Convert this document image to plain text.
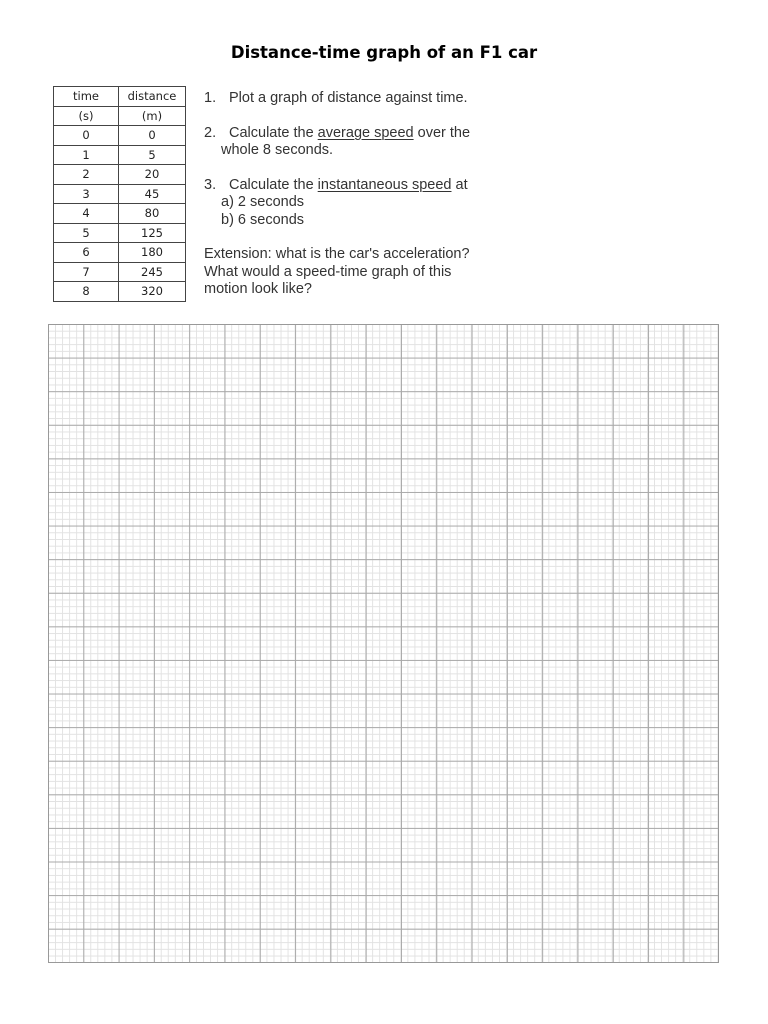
Distance-time graph of an F1 car
time	distance
(s)	(m)
0	0
1	5
2	20
3	45
4	80
5	125
6	180
7	245
8	320
1. Plot a graph of distance against time.
2. Calculate the average speed over the

whole 8 seconds.

3. Calculate the instantaneous speed at

a) 2 seconds

b) 6 seconds

Extension: what is the car's acceleration?

What would a speed-time graph of this

motion look like?
